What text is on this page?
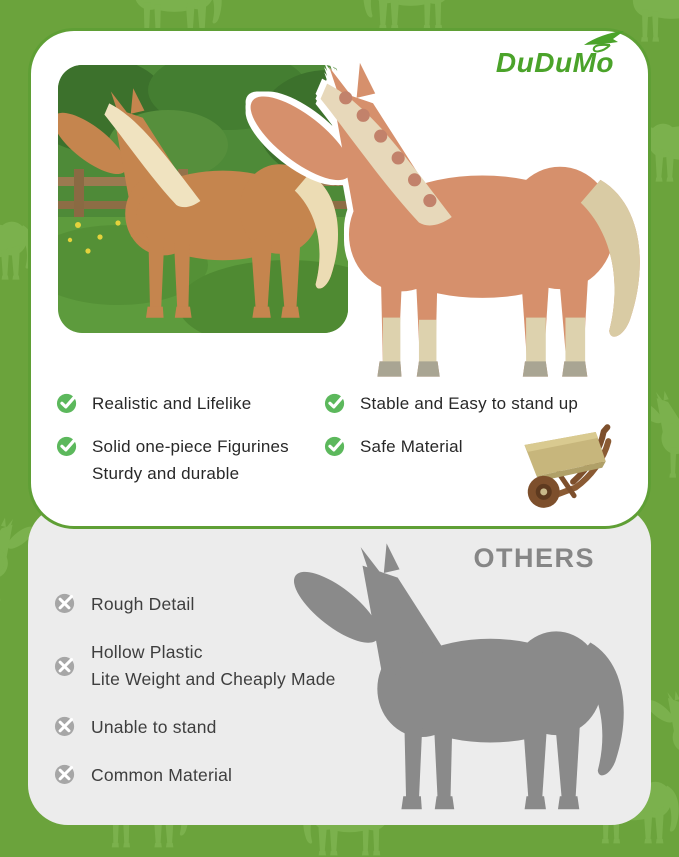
OTHERS
Rough Detail
Hollow Plastic
Lite Weight and Cheaply Made
Unable to stand
Common Material
DuDuMo
Realistic and Lifelike	Stable and Easy to stand up
Solid one-piece Figurines
Sturdy and durable
Safe Material
